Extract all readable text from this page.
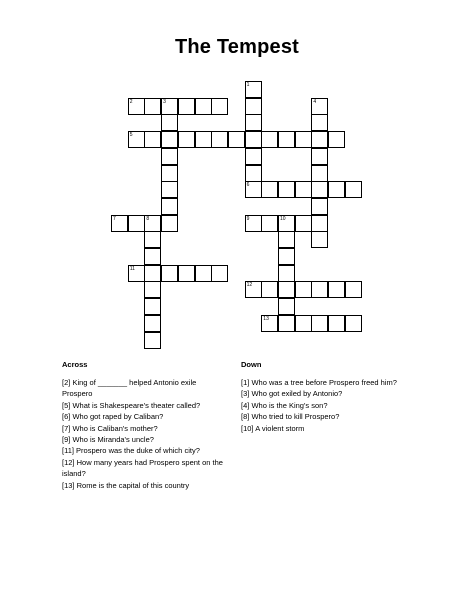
The Tempest
2	3
5
6
7	8	9	10
11
12
13
1
4
Across	Down
[2] King of _______ helped Antonio exile
Prospero
[5] What is Shakespeare's theater called?
[6] Who got raped by Caliban?
[7] Who is Caliban's mother?
[9] Who is Miranda's uncle?
[11] Prospero was the duke of which city?
[12] How many years had Prospero spent on the
island?
[13] Rome is the capital of this country
[1] Who was a tree before Prospero freed him?
[3] Who got exiled by Antonio?
[4] Who is the King's son?
[8] Who tried to kill Prospero?
[10] A violent storm
